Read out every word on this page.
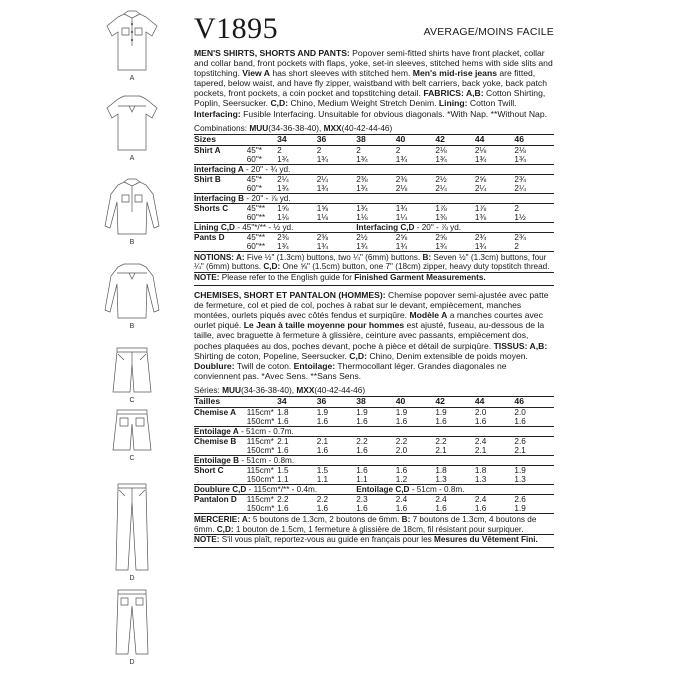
A
A
B
B
C
C
D
D
V1895	AVERAGE/MOINS FACILE

MEN'S SHIRTS, SHORTS AND PANTS: Popover semi-fitted shirts have front placket, collar and collar band, front pockets with flaps, yoke, set-in sleeves, stitched hems with side slits and topstitching. View A has short sleeves with stitched hem. Men's mid-rise jeans are fitted, tapered, below waist, and have fly zipper, waistband with belt carriers, back yoke, back patch pockets, front pockets, a coin pocket and topstitching detail. FABRICS: A,B: Cotton Shirting, Poplin, Seersucker. C,D: Chino, Medium Weight Stretch Denim. Lining: Cotton Twill. Interfacing: Fusible Interfacing. Unsuitable for obvious diagonals. *With Nap. **Without Nap.

Combinations: MUU(34-36-38-40), MXX(40-42-44-46)

Sizes		34	36	38	40	42	44	46
Shirt A	45"*	2	2	2	2	2⅛	2⅛	2⅛
	60"*	1¾	1¾	1¾	1¾	1¾	1¾	1¾
Interfacing A - 20" - ¾ yd.								
Shirt B	45"*	2¼	2¼	2⅜	2⅜	2½	2⅝	2¾
	60"*	1¾	1¾	1¾	2⅛	2¼	2¼	2¼
Interfacing B - 20" - ⅞ yd.								
Shorts C	45"**	1⅝	1⅝	1¾	1¾	1⅞	1⅞	2
	60"**	1⅛	1⅛	1⅛	1¼	1⅜	1⅜	1½
Lining C,D - 45"*/** - ½ yd.				Interfacing C,D - 20" - ⅞ yd.				
Pants D	45"**	2⅜	2⅜	2½	2⅝	2⅝	2¾	2¾
	60"**	1¾	1¾	1¾	1¾	1¾	1¾	2

NOTIONS: A: Five ½" (1.3cm) buttons, two ¼" (6mm) buttons. B: Seven ½" (1.3cm) buttons, four ¼" (6mm) buttons. C,D: One ⅝" (1.5cm) button, one 7" (18cm) zipper, heavy duty topstitch thread.

NOTE: Please refer to the English guide for Finished Garment Measurements.

CHEMISES, SHORT ET PANTALON (HOMMES): Chemise popover semi-ajustée avec patte de fermeture, col et pied de col, poches à rabat sur le devant, empiècement, manches montées, ourlets piqués avec côtés fendus et surpiqûre. Modèle A a manches courtes avec ourlet piqué. Le Jean à taille moyenne pour hommes est ajusté, fuseau, au-dessous de la taille, avec braguette à fermeture à glissière, ceinture avec passants, empiècement dos, poches plaquées au dos, poches devant, poche à pièce et détail de surpiqûre. TISSUS: A,B: Shirting de coton, Popeline, Seersucker. C,D: Chino, Denim extensible de poids moyen. Doublure: Twill de coton. Entoilage: Thermocollant léger. Grandes diagonales ne conviennent pas. *Avec Sens. **Sans Sens.

Séries: MUU(34-36-38-40), MXX(40-42-44-46)

Tailles		34	36	38	40	42	44	46
Chemise A	115cm*	1.8	1.9	1.9	1.9	1.9	2.0	2.0
	150cm*	1.6	1.6	1.6	1.6	1.6	1.6	1.6
Entoilage A - 51cm - 0.7m.								
Chemise B	115cm*	2.1	2.1	2.2	2.2	2.2	2.4	2.6
	150cm*	1.6	1.6	1.6	2.0	2.1	2.1	2.1
Entoilage B - 51cm - 0.8m.								
Short C	115cm*	1.5	1.5	1.6	1.6	1.8	1.8	1.9
	150cm*	1.1	1.1	1.1	1.2	1.3	1.3	1.3
Doublure C,D - 115cm*/** - 0.4m.				Entoilage C,D - 51cm - 0.8m.				
Pantalon D	115cm*	2.2	2.2	2.3	2.4	2.4	2.4	2.6
	150cm*	1.6	1.6	1.6	1.6	1.6	1.6	1.9

MERCERIE: A: 5 boutons de 1.3cm, 2 boutons de 6mm. B: 7 boutons de 1.3cm, 4 boutons de 6mm. C,D: 1 bouton de 1.5cm, 1 fermeture à glissière de 18cm, fil résistant pour surpiquer.

NOTE: S'il vous plaît, reportez-vous au guide en français pour les Mesures du Vêtement Fini.
